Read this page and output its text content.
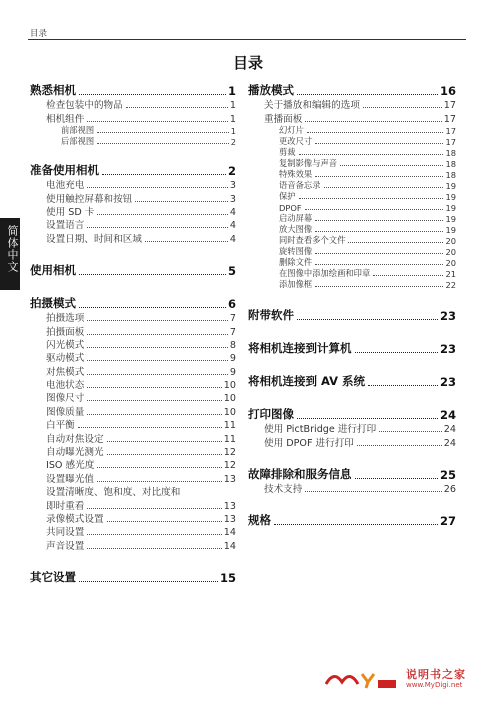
目录
目录
熟悉相机	1
检查包装中的物品	1
相机组件	1
前部视图	1
后部视图	2
准备使用相机	2
电池充电	3
使用触控屏幕和按钮	3
使用 SD 卡	4
设置语言	4
设置日期、时间和区域	4
使用相机	5
拍摄模式	6
拍摄选项	7
拍摄面板	7
闪光模式	8
驱动模式	9
对焦模式	9
电池状态	10
图像尺寸	10
图像质量	10
白平衡	11
自动对焦设定	11
自动曝光测光	12
ISO 感光度	12
设置曝光值	13
设置清晰度、饱和度、对比度和
即时重看	13
录像模式设置	13
共同设置	14
声音设置	14
其它设置	15
播放模式	16
关于播放和编辑的选项	17
重播面板	17
幻灯片	17
更改尺寸	17
剪裁	18
复制影像与声音	18
特殊效果	18
语音备忘录	19
保护	19
DPOF	19
启动屏幕	19
放大图像	19
同时查看多个文件	20
旋转图像	20
删除文件	20
在图像中添加绘画和印章	21
添加像框	22
附带软件	23
将相机连接到计算机	23
将相机连接到 AV 系统	23
打印图像	24
使用 PictBridge 进行打印	24
使用 DPOF 进行打印	24
故障排除和服务信息	25
技术支持	26
规格	27
简体中文
说明书之家
www.MyDigi.net
